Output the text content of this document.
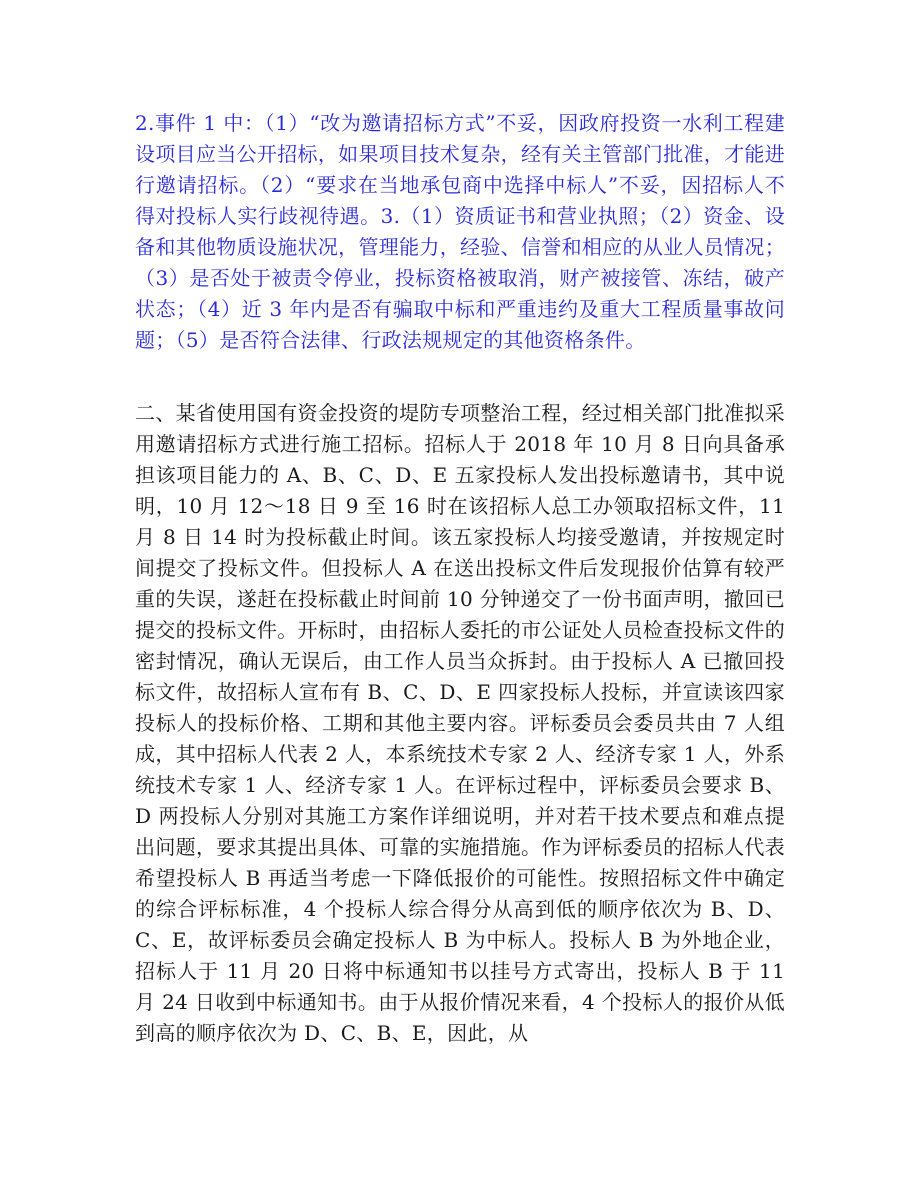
2.事件 1 中：（1）“改为邀请招标方式”不妥，因政府投资一水利工程建设项目应当公开招标，如果项目技术复杂，经有关主管部门批准，才能进行邀请招标。（2）“要求在当地承包商中选择中标人”不妥，因招标人不得对投标人实行歧视待遇。3.（1）资质证书和营业执照；（2）资金、设备和其他物质设施状况，管理能力，经验、信誉和相应的从业人员情况；（3）是否处于被责令停业，投标资格被取消，财产被接管、冻结，破产状态；（4）近 3 年内是否有骗取中标和严重违约及重大工程质量事故问题；（5）是否符合法律、行政法规规定的其他资格条件。

二、某省使用国有资金投资的堤防专项整治工程，经过相关部门批准拟采用邀请招标方式进行施工招标。招标人于 2018 年 10 月 8 日向具备承担该项目能力的 A、B、C、D、E 五家投标人发出投标邀请书，其中说明，10 月 12～18 日 9 至 16 时在该招标人总工办领取招标文件，11 月 8 日 14 时为投标截止时间。该五家投标人均接受邀请，并按规定时间提交了投标文件。但投标人 A 在送出投标文件后发现报价估算有较严重的失误，遂赶在投标截止时间前 10 分钟递交了一份书面声明，撤回已提交的投标文件。开标时，由招标人委托的市公证处人员检查投标文件的密封情况，确认无误后，由工作人员当众拆封。由于投标人 A 已撤回投标文件，故招标人宣布有 B、C、D、E 四家投标人投标，并宣读该四家投标人的投标价格、工期和其他主要内容。评标委员会委员共由 7 人组成，其中招标人代表 2 人，本系统技术专家 2 人、经济专家 1 人，外系统技术专家 1 人、经济专家 1 人。在评标过程中，评标委员会要求 B、D 两投标人分别对其施工方案作详细说明，并对若干技术要点和难点提出问题，要求其提出具体、可靠的实施措施。作为评标委员的招标人代表希望投标人 B 再适当考虑一下降低报价的可能性。按照招标文件中确定的综合评标标准，4 个投标人综合得分从高到低的顺序依次为 B、D、C、E，故评标委员会确定投标人 B 为中标人。投标人 B 为外地企业，招标人于 11 月 20 日将中标通知书以挂号方式寄出，投标人 B 于 11 月 24 日收到中标通知书。由于从报价情况来看，4 个投标人的报价从低到高的顺序依次为 D、C、B、E，因此，从
